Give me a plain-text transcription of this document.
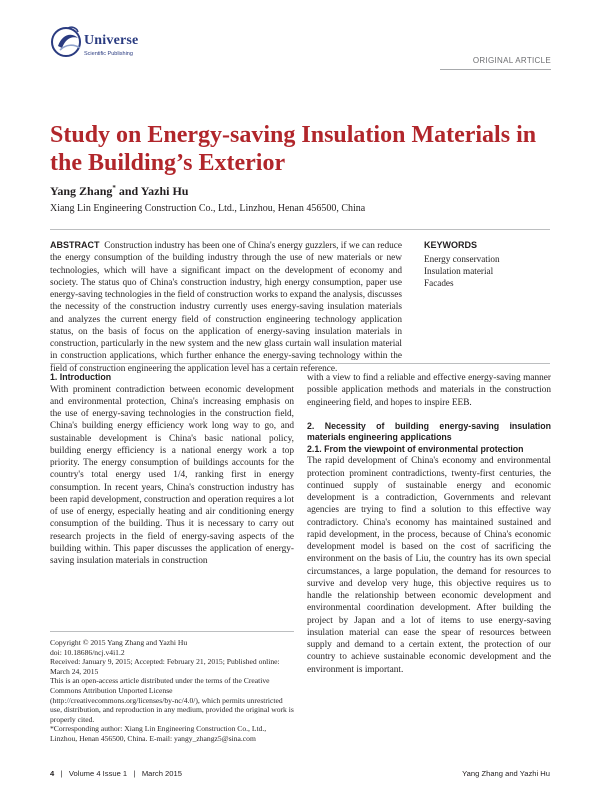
Universe
Scientific Publishing
ORIGINAL ARTICLE
Study on Energy-saving Insulation Materials in the Building’s Exterior
Yang Zhang* and Yazhi Hu
Xiang Lin Engineering Construction Co., Ltd., Linzhou, Henan 456500, China
ABSTRACT Construction industry has been one of China's energy guzzlers, if we can reduce the energy consumption of the building industry through the use of new materials or new technologies, which will have a significant impact on the development of economy and society. The status quo of China's construction industry, high energy consumption, paper use energy-saving technologies in the field of construction works to expand the analysis, discusses the necessity of the construction industry currently uses energy-saving insulation materials and analyzes the current energy field of construction engineering technology application status, on the basis of focus on the application of energy-saving insulation materials in construction, particularly in the new system and the new glass curtain wall insulation material in construction applications, which further enhance the energy-saving technology within the field of construction engineering the application level has a certain reference.
KEYWORDS
Energy conservation
Insulation material
Facades
1. Introduction
With prominent contradiction between economic development and environmental protection, China's increasing emphasis on the use of energy-saving technologies in the construction field, China's building energy efficiency work long way to go, and sustainable development is China's basic national policy, building energy efficiency is a national energy work a top priority. The energy consumption of buildings accounts for the country's total energy used 1/4, ranking first in energy consumption. In recent years, China's construction industry has been rapid development, construction and operation requires a lot of use of energy, especially heating and air conditioning energy consumption of the building. Thus it is necessary to carry out research projects in the field of energy-saving aspects of the building within. This paper discusses the application of energy-saving insulation materials in construction
Copyright © 2015 Yang Zhang and Yazhi Hu
doi: 10.18686/ncj.v4i1.2
Received: January 9, 2015; Accepted: February 21, 2015; Published online: March 24, 2015
This is an open-access article distributed under the terms of the Creative Commons Attribution Unported License (http://creativecommons.org/licenses/by-nc/4.0/), which permits unrestricted use, distribution, and reproduction in any medium, provided the original work is properly cited.
*Corresponding author: Xiang Lin Engineering Construction Co., Ltd., Linzhou, Henan 456500, China. E-mail: yangy_zhangz5@sina.com
with a view to find a reliable and effective energy-saving manner possible application methods and materials in the construction engineering field, and hopes to inspire EEB.
2. Necessity of building energy-saving insulation materials engineering applications
2.1. From the viewpoint of environmental protection
The rapid development of China's economy and environmental protection prominent contradictions, twenty-first centuries, the continued supply of sustainable energy and economic development is a contradiction, Governments and relevant agencies are trying to find a solution to this effective way contradictory. China's economy has maintained sustained and rapid development, in the process, because of China's economic development model is based on the cost of sacrificing the environment on the basis of Liu, the country has its own special circumstances, a large population, the demand for resources to survive and develop very huge, this objective requires us to handle the relationship between economic development and environmental coordination development. After building the project by Japan and a lot of items to use energy-saving insulation material can ease the spear of resources between supply and demand to a certain extent, the protection of our country to achieve sustainable economic development and the environment is important.
4 | Volume 4 Issue 1 | March 2015	Yang Zhang and Yazhi Hu
